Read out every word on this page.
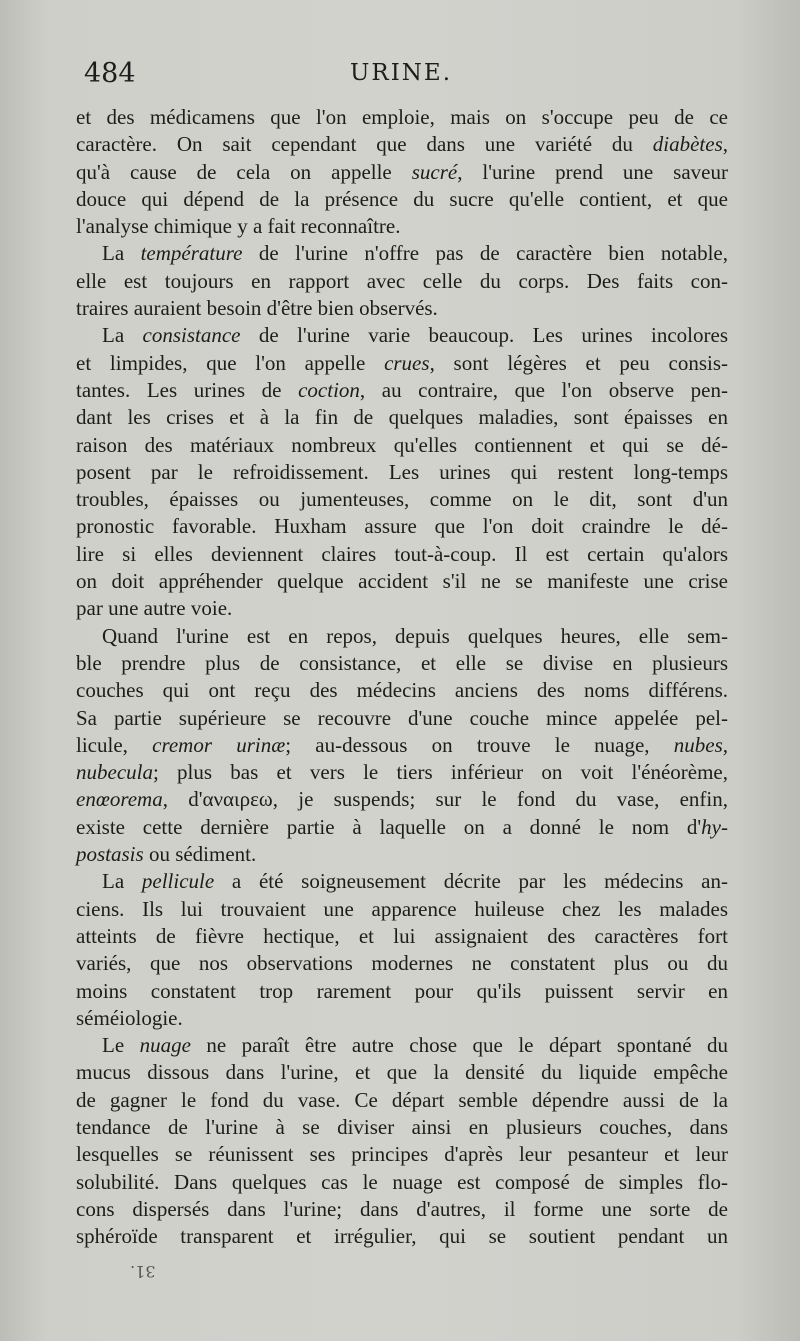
484	URINE.
et des médicamens que l'on emploie, mais on s'occupe peu de ce
caractère. On sait cependant que dans une variété du diabètes,
qu'à cause de cela on appelle sucré, l'urine prend une saveur
douce qui dépend de la présence du sucre qu'elle contient, et que
l'analyse chimique y a fait reconnaître.
La température de l'urine n'offre pas de caractère bien notable,
elle est toujours en rapport avec celle du corps. Des faits con-
traires auraient besoin d'être bien observés.
La consistance de l'urine varie beaucoup. Les urines incolores
et limpides, que l'on appelle crues, sont légères et peu consis-
tantes. Les urines de coction, au contraire, que l'on observe pen-
dant les crises et à la fin de quelques maladies, sont épaisses en
raison des matériaux nombreux qu'elles contiennent et qui se dé-
posent par le refroidissement. Les urines qui restent long-temps
troubles, épaisses ou jumenteuses, comme on le dit, sont d'un
pronostic favorable. Huxham assure que l'on doit craindre le dé-
lire si elles deviennent claires tout-à-coup. Il est certain qu'alors
on doit appréhender quelque accident s'il ne se manifeste une crise
par une autre voie.
Quand l'urine est en repos, depuis quelques heures, elle sem-
ble prendre plus de consistance, et elle se divise en plusieurs
couches qui ont reçu des médecins anciens des noms différens.
Sa partie supérieure se recouvre d'une couche mince appelée pel-
licule, cremor urinæ; au-dessous on trouve le nuage, nubes,
nubecula; plus bas et vers le tiers inférieur on voit l'énéorème,
enœorema, d'αναιρεω, je suspends; sur le fond du vase, enfin,
existe cette dernière partie à laquelle on a donné le nom d'hy-
postasis ou sédiment.
La pellicule a été soigneusement décrite par les médecins an-
ciens. Ils lui trouvaient une apparence huileuse chez les malades
atteints de fièvre hectique, et lui assignaient des caractères fort
variés, que nos observations modernes ne constatent plus ou du
moins constatent trop rarement pour qu'ils puissent servir en
séméiologie.
Le nuage ne paraît être autre chose que le départ spontané du
mucus dissous dans l'urine, et que la densité du liquide empêche
de gagner le fond du vase. Ce départ semble dépendre aussi de la
tendance de l'urine à se diviser ainsi en plusieurs couches, dans
lesquelles se réunissent ses principes d'après leur pesanteur et leur
solubilité. Dans quelques cas le nuage est composé de simples flo-
cons dispersés dans l'urine; dans d'autres, il forme une sorte de
sphéroïde transparent et irrégulier, qui se soutient pendant un
31.
